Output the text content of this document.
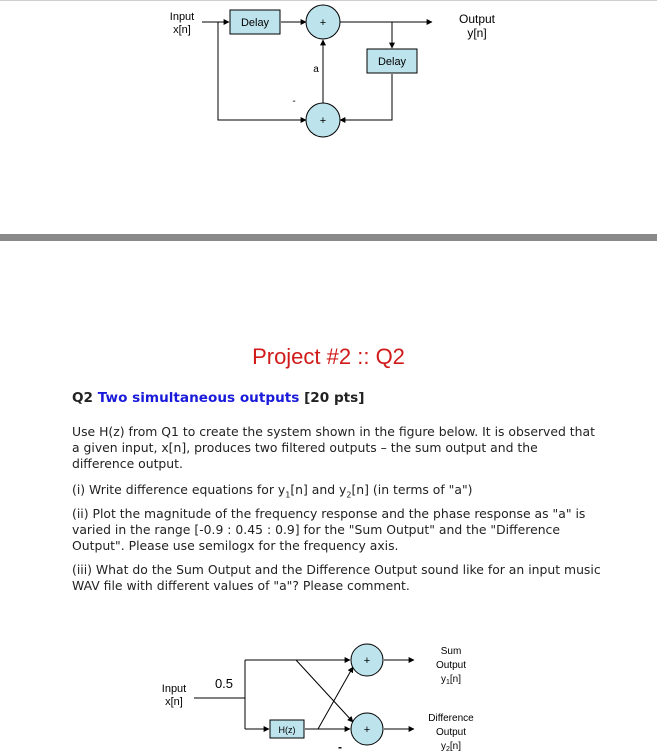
Delay
Delay
+
+
Input
x[n]
Output
y[n]
a
-
Project #2 :: Q2
Q2 Two simultaneous outputs [20 pts]
Use H(z) from Q1 to create the system shown in the figure below. It is observed that a given input, x[n], produces two filtered outputs – the sum output and the difference output.
(i) Write difference equations for $y_1[n]$ and $y_2[n]$ (in terms of "a")
(ii) Plot the magnitude of the frequency response and the phase response as "a" is varied in the range [-0.9 : 0.45 : 0.9] for the "Sum Output" and the "Difference Output". Please use semilogx for the frequency axis.
(iii) What do the Sum Output and the Difference Output sound like for an input music WAV file with different values of "a"? Please comment.
H(z)
+
+
Input
x[n]
0.5
-
Sum
Output
$y_1[n]$
Difference
Output
$y_2[n]$
